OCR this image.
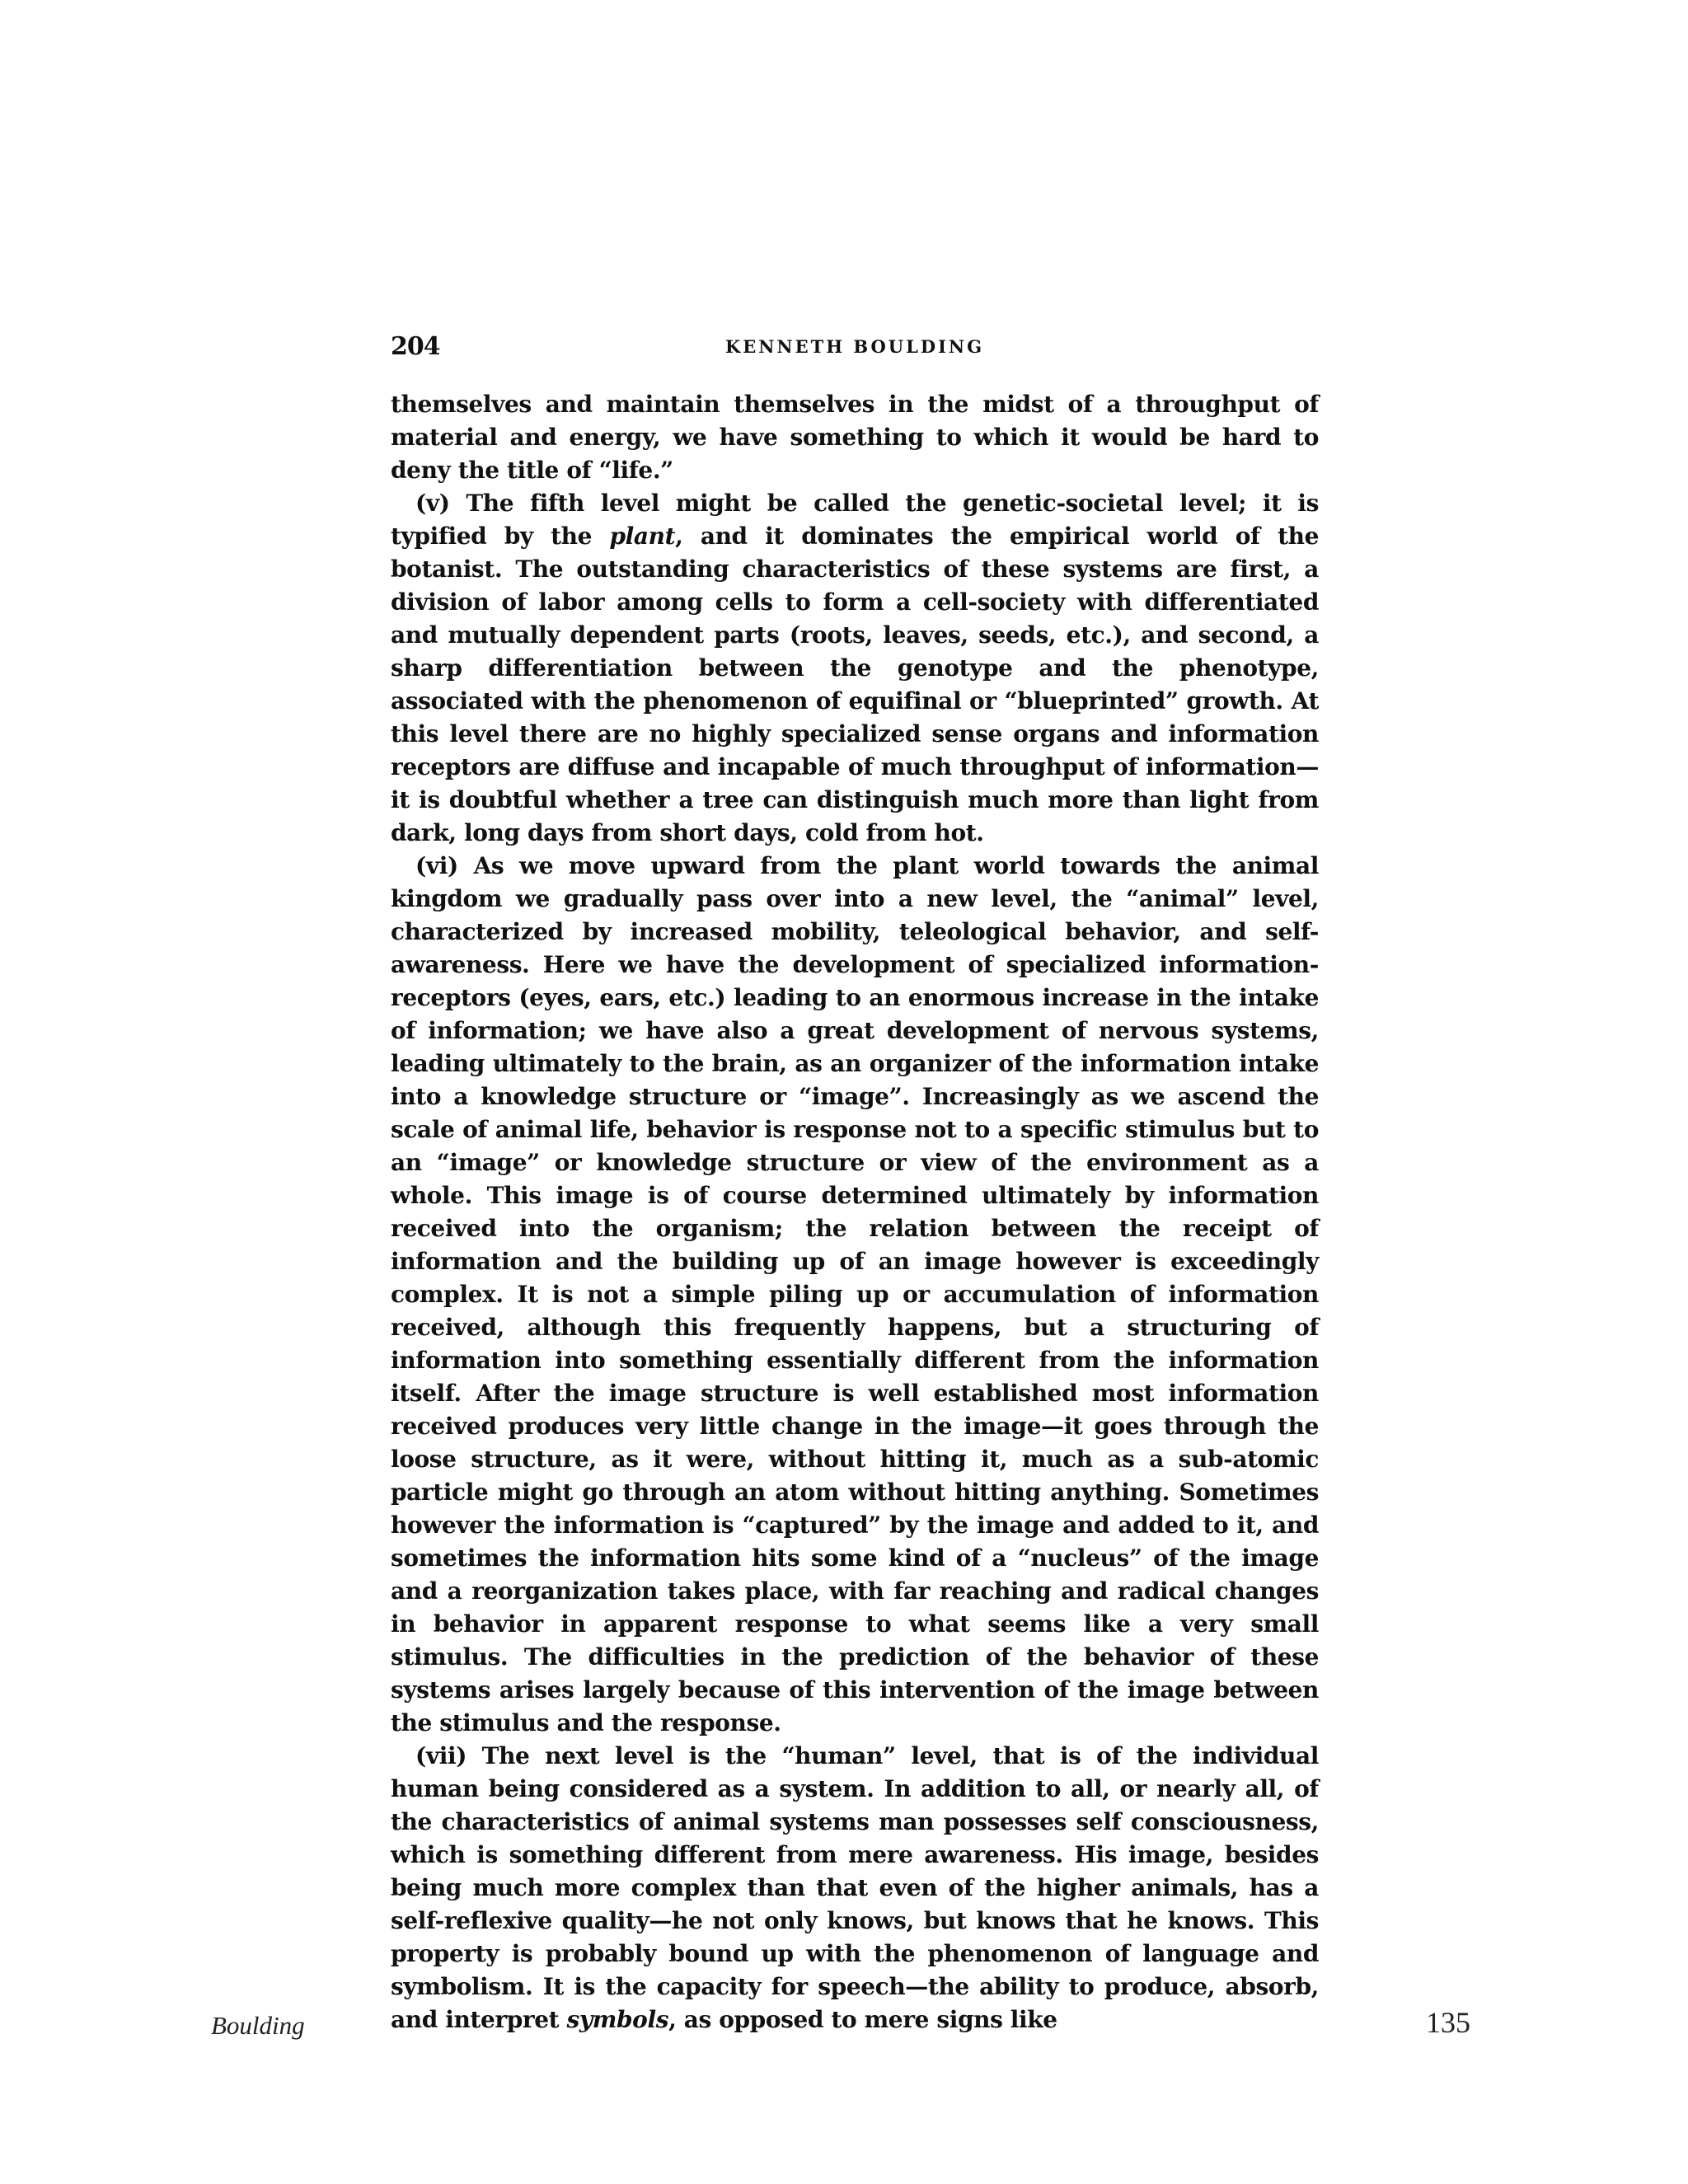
204	KENNETH BOULDING

themselves and maintain themselves in the midst of a throughput of material and energy, we have something to which it would be hard to deny the title of “life.”

(v) The fifth level might be called the genetic-societal level; it is typified by the plant, and it dominates the empirical world of the botanist. The outstanding characteristics of these systems are first, a division of labor among cells to form a cell-society with differentiated and mutually dependent parts (roots, leaves, seeds, etc.), and second, a sharp differentiation between the genotype and the phenotype, associated with the phenomenon of equifinal or “blueprinted” growth. At this level there are no highly specialized sense organs and information receptors are diffuse and incapable of much throughput of information—it is doubtful whether a tree can distinguish much more than light from dark, long days from short days, cold from hot.

(vi) As we move upward from the plant world towards the animal kingdom we gradually pass over into a new level, the “animal” level, characterized by increased mobility, teleological behavior, and self-awareness. Here we have the development of specialized information-receptors (eyes, ears, etc.) leading to an enormous increase in the intake of information; we have also a great development of nervous systems, leading ultimately to the brain, as an organizer of the information intake into a knowledge structure or “image”. Increasingly as we ascend the scale of animal life, behavior is response not to a specific stimulus but to an “image” or knowledge structure or view of the environment as a whole. This image is of course determined ultimately by information received into the organism; the relation between the receipt of information and the building up of an image however is exceedingly complex. It is not a simple piling up or accumulation of information received, although this frequently happens, but a structuring of information into something essentially different from the information itself. After the image structure is well established most information received produces very little change in the image—it goes through the loose structure, as it were, without hitting it, much as a sub-atomic particle might go through an atom without hitting anything. Sometimes however the information is “captured” by the image and added to it, and sometimes the information hits some kind of a “nucleus” of the image and a reorganization takes place, with far reaching and radical changes in behavior in apparent response to what seems like a very small stimulus. The difficulties in the prediction of the behavior of these systems arises largely because of this intervention of the image between the stimulus and the response.

(vii) The next level is the “human” level, that is of the individual human being considered as a system. In addition to all, or nearly all, of the characteristics of animal systems man possesses self consciousness, which is something different from mere awareness. His image, besides being much more complex than that even of the higher animals, has a self-reflexive quality—he not only knows, but knows that he knows. This property is probably bound up with the phenomenon of language and symbolism. It is the capacity for speech—the ability to produce, absorb, and interpret symbols, as opposed to mere signs like

Boulding	135
